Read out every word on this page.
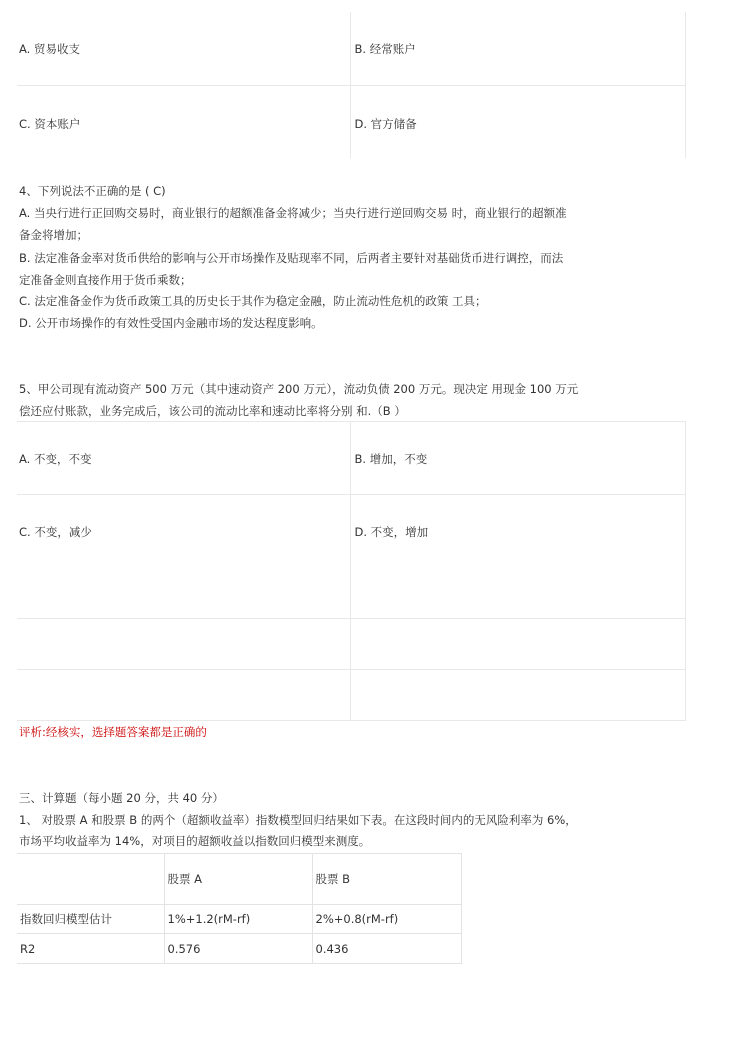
A. 贸易收支	B. 经常账户

C. 资本账户	D. 官方储备
4、下列说法不正确的是 ( C)
A. 当央行进行正回购交易时，商业银行的超额准备金将减少；当央行进行逆回购交易 时，商业银行的超额准
备金将增加；
B. 法定准备金率对货币供给的影响与公开市场操作及贴现率不同，后两者主要针对基础货币进行调控，而法
定准备金则直接作用于货币乘数；
C. 法定准备金作为货币政策工具的历史长于其作为稳定金融，防止流动性危机的政策 工具；
D. 公开市场操作的有效性受国内金融市场的发达程度影响。
5、甲公司现有流动资产 500 万元（其中速动资产 200 万元），流动负债 200 万元。现决定 用现金 100 万元
偿还应付账款，业务完成后，该公司的流动比率和速动比率将分别 和.（B ）
A. 不变，不变	B. 增加，不变

C. 不变，减少	D. 不变，增加

评析:经核实，选择题答案都是正确的
三、计算题（每小题 20 分，共 40 分）
1、 对股票 A 和股票 B 的两个（超额收益率）指数模型回归结果如下表。在这段时间内的无风险利率为 6%，
市场平均收益率为 14%，对项目的超额收益以指数回归模型来测度。
	股票 A	股票 B
指数回归模型估计	1%+1.2(rM-rf)	2%+0.8(rM-rf)
R2	0.576	0.436
